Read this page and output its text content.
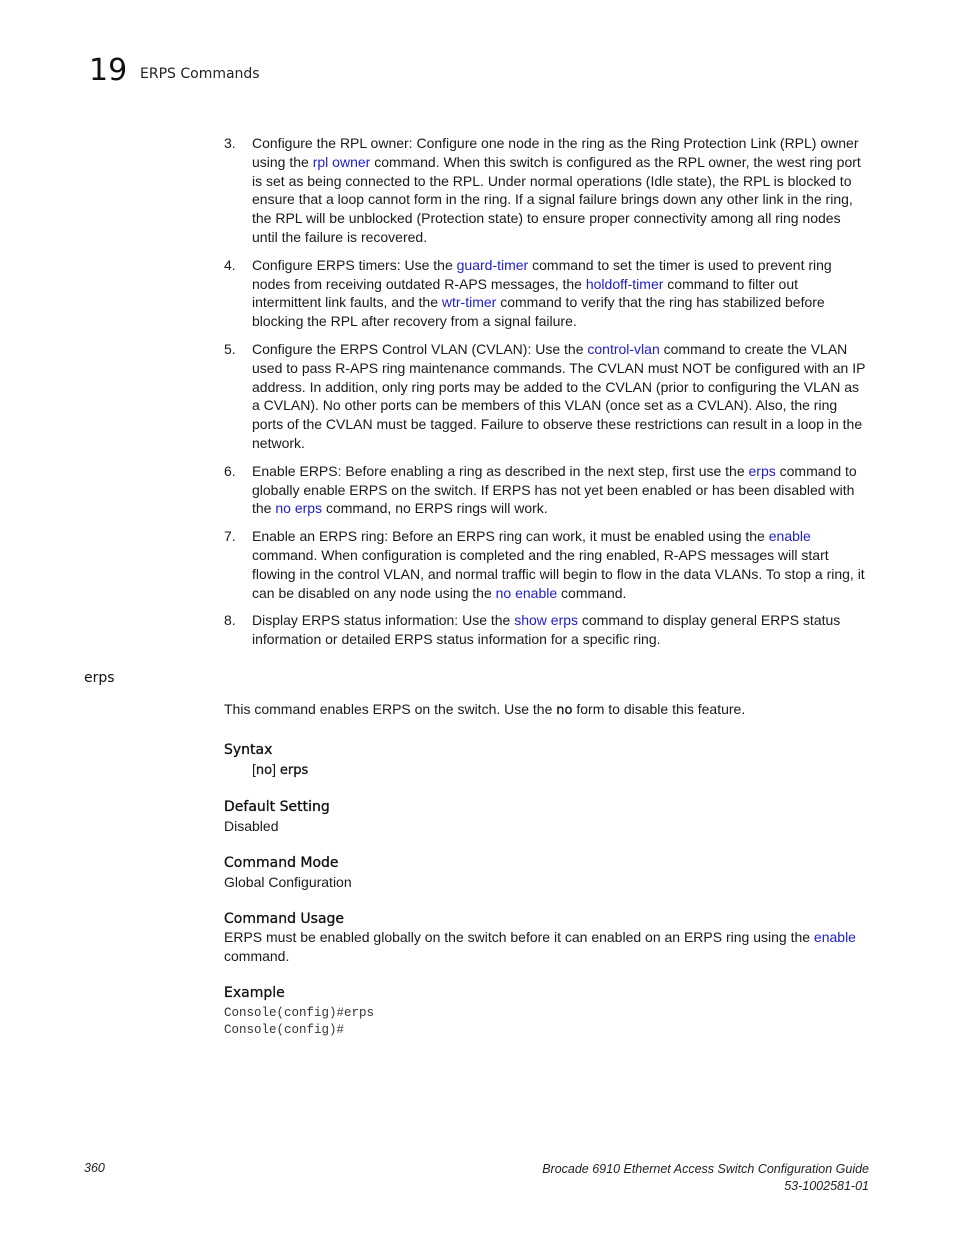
19 ERPS Commands
3. Configure the RPL owner: Configure one node in the ring as the Ring Protection Link (RPL) owner using the rpl owner command. When this switch is configured as the RPL owner, the west ring port is set as being connected to the RPL. Under normal operations (Idle state), the RPL is blocked to ensure that a loop cannot form in the ring. If a signal failure brings down any other link in the ring, the RPL will be unblocked (Protection state) to ensure proper connectivity among all ring nodes until the failure is recovered.
4. Configure ERPS timers: Use the guard-timer command to set the timer is used to prevent ring nodes from receiving outdated R-APS messages, the holdoff-timer command to filter out intermittent link faults, and the wtr-timer command to verify that the ring has stabilized before blocking the RPL after recovery from a signal failure.
5. Configure the ERPS Control VLAN (CVLAN): Use the control-vlan command to create the VLAN used to pass R-APS ring maintenance commands. The CVLAN must NOT be configured with an IP address. In addition, only ring ports may be added to the CVLAN (prior to configuring the VLAN as a CVLAN). No other ports can be members of this VLAN (once set as a CVLAN). Also, the ring ports of the CVLAN must be tagged. Failure to observe these restrictions can result in a loop in the network.
6. Enable ERPS: Before enabling a ring as described in the next step, first use the erps command to globally enable ERPS on the switch. If ERPS has not yet been enabled or has been disabled with the no erps command, no ERPS rings will work.
7. Enable an ERPS ring: Before an ERPS ring can work, it must be enabled using the enable command. When configuration is completed and the ring enabled, R-APS messages will start flowing in the control VLAN, and normal traffic will begin to flow in the data VLANs. To stop a ring, it can be disabled on any node using the no enable command.
8. Display ERPS status information: Use the show erps command to display general ERPS status information or detailed ERPS status information for a specific ring.
erps

This command enables ERPS on the switch. Use the no form to disable this feature.

Syntax

[no] erps

Default Setting

Disabled

Command Mode

Global Configuration

Command Usage

ERPS must be enabled globally on the switch before it can enabled on an ERPS ring using the enable command.

Example

Console(config)#erps
Console(config)#
360	Brocade 6910 Ethernet Access Switch Configuration Guide
53-1002581-01
